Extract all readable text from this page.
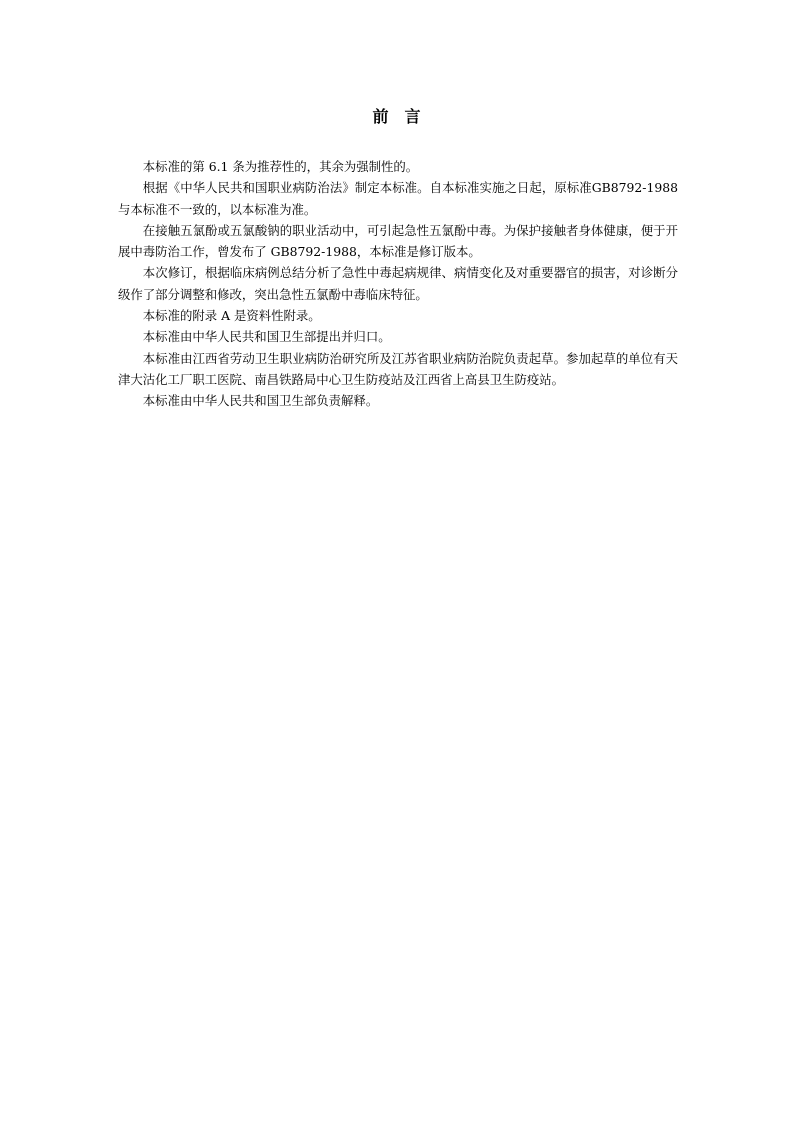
前　言

本标准的第 6.1 条为推荐性的，其余为强制性的。

根据《中华人民共和国职业病防治法》制定本标准。自本标准实施之日起，原标准GB8792-1988 与本标准不一致的，以本标准为准。

在接触五氯酚或五氯酸钠的职业活动中，可引起急性五氯酚中毒。为保护接触者身体健康，便于开展中毒防治工作，曾发布了 GB8792-1988，本标准是修订版本。

本次修订，根据临床病例总结分析了急性中毒起病规律、病情变化及对重要器官的损害，对诊断分级作了部分调整和修改，突出急性五氯酚中毒临床特征。

本标准的附录 A 是资料性附录。

本标准由中华人民共和国卫生部提出并归口。

本标准由江西省劳动卫生职业病防治研究所及江苏省职业病防治院负责起草。参加起草的单位有天津大沽化工厂职工医院、南昌铁路局中心卫生防疫站及江西省上高县卫生防疫站。

本标准由中华人民共和国卫生部负责解释。
